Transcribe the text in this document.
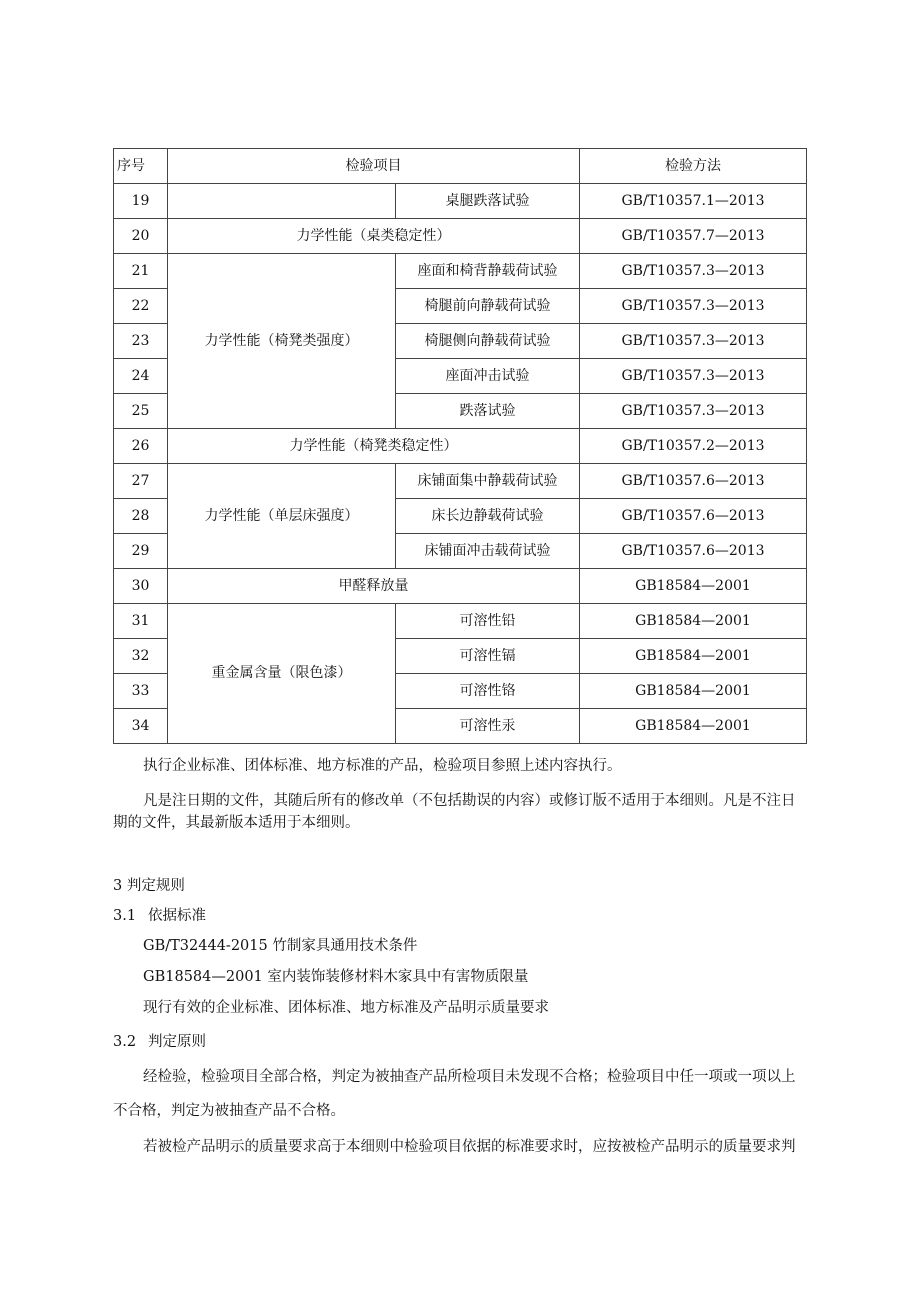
序号	检验项目		检验方法
19		桌腿跌落试验	GB/T10357.1—2013
20	力学性能（桌类稳定性）		GB/T10357.7—2013
21	力学性能（椅凳类强度）	座面和椅背静载荷试验	GB/T10357.3—2013
22		椅腿前向静载荷试验	GB/T10357.3—2013
23		椅腿侧向静载荷试验	GB/T10357.3—2013
24		座面冲击试验	GB/T10357.3—2013
25		跌落试验	GB/T10357.3—2013
26	力学性能（椅凳类稳定性）		GB/T10357.2—2013
27	力学性能（单层床强度）	床铺面集中静载荷试验	GB/T10357.6—2013
28		床长边静载荷试验	GB/T10357.6—2013
29		床铺面冲击载荷试验	GB/T10357.6—2013
30	甲醛释放量		GB18584—2001
31	重金属含量（限色漆）	可溶性铅	GB18584—2001
32		可溶性镉	GB18584—2001
33		可溶性铬	GB18584—2001
34		可溶性汞	GB18584—2001

执行企业标准、团体标准、地方标准的产品，检验项目参照上述内容执行。

凡是注日期的文件，其随后所有的修改单（不包括勘误的内容）或修订版不适用于本细则。凡是不注日

期的文件，其最新版本适用于本细则。

3 判定规则

3.1 依据标准

GB/T32444-2015 竹制家具通用技术条件

GB18584—2001 室内装饰装修材料木家具中有害物质限量

现行有效的企业标准、团体标准、地方标准及产品明示质量要求

3.2 判定原则

经检验，检验项目全部合格，判定为被抽查产品所检项目未发现不合格；检验项目中任一项或一项以上

不合格，判定为被抽查产品不合格。

若被检产品明示的质量要求高于本细则中检验项目依据的标准要求时，应按被检产品明示的质量要求判
